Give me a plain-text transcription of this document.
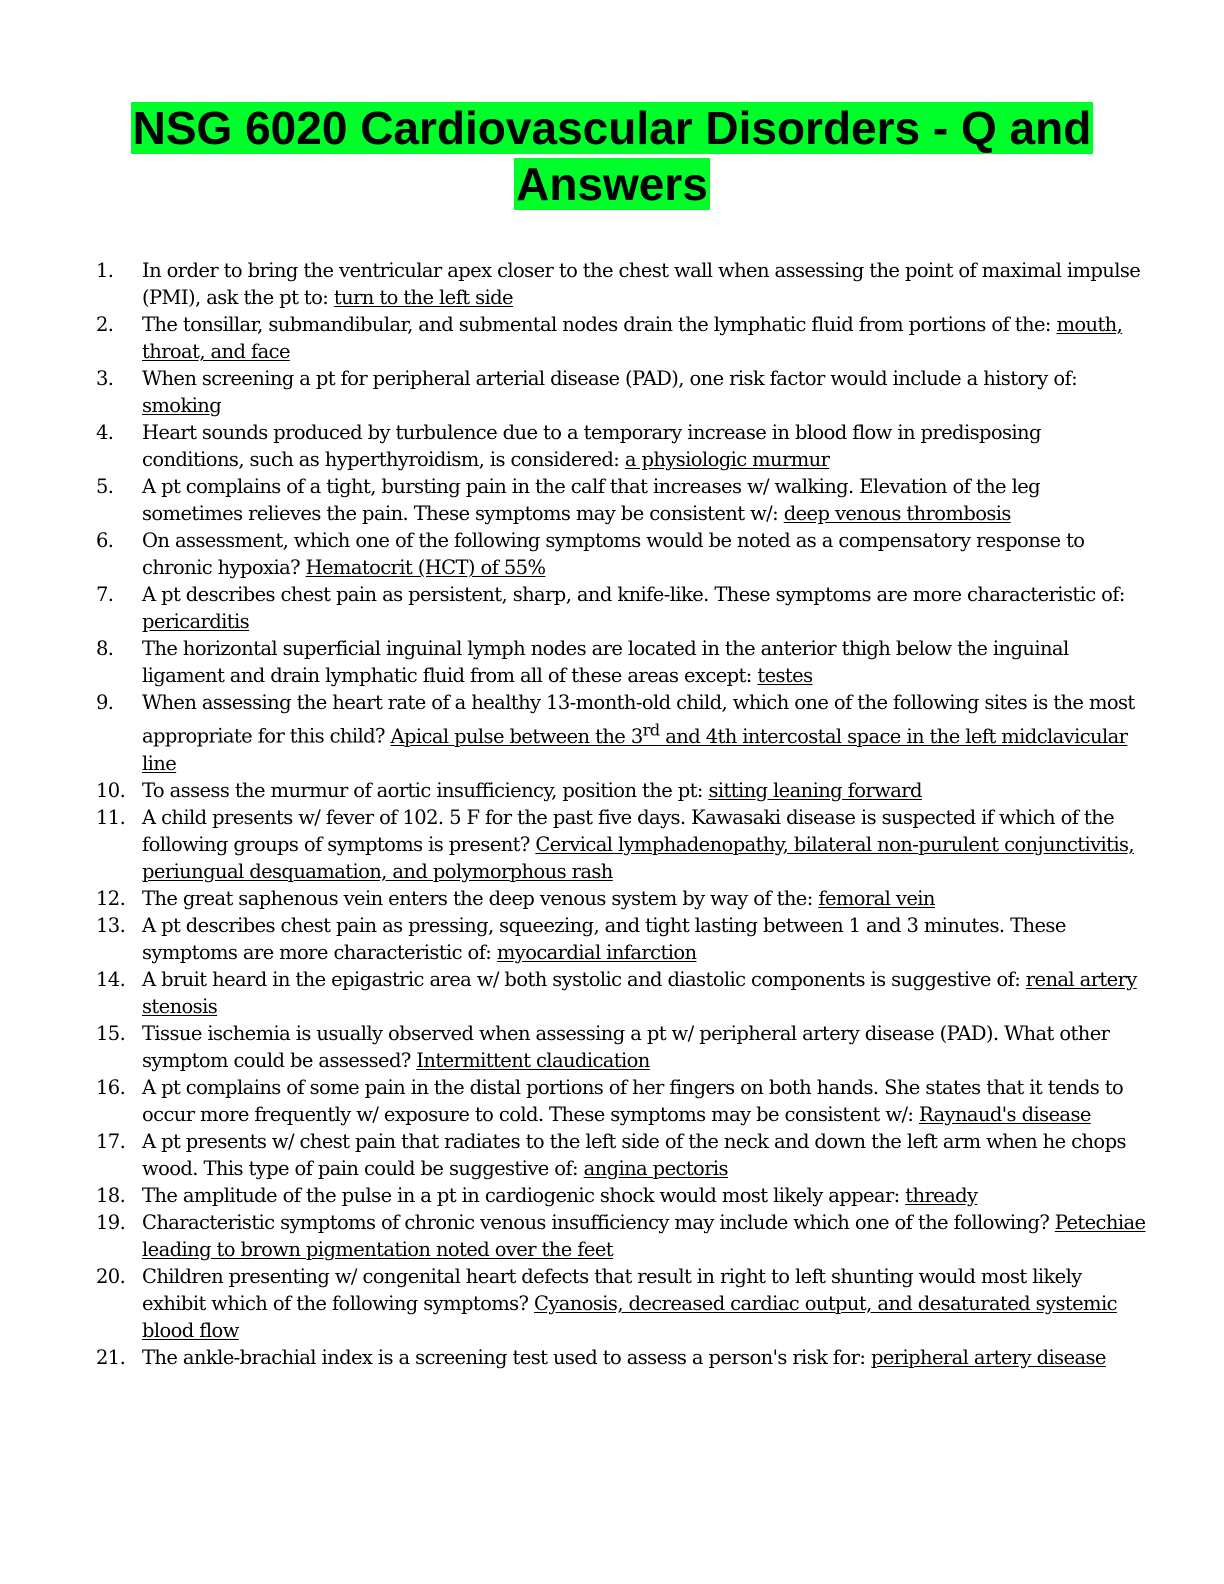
NSG 6020 Cardiovascular Disorders - Q and
Answers
1.	In order to bring the ventricular apex closer to the chest wall when assessing the point of maximal impulse (PMI), ask the pt to: turn to the left side
2.	The tonsillar, submandibular, and submental nodes drain the lymphatic fluid from portions of the: mouth, throat, and face
3.	When screening a pt for peripheral arterial disease (PAD), one risk factor would include a history of: smoking
4.	Heart sounds produced by turbulence due to a temporary increase in blood flow in predisposing conditions, such as hyperthyroidism, is considered: a physiologic murmur
5.	A pt complains of a tight, bursting pain in the calf that increases w/ walking. Elevation of the leg sometimes relieves the pain. These symptoms may be consistent w/: deep venous thrombosis
6.	On assessment, which one of the following symptoms would be noted as a compensatory response to chronic hypoxia? Hematocrit (HCT) of 55%
7.	A pt describes chest pain as persistent, sharp, and knife-like. These symptoms are more characteristic of: pericarditis
8.	The horizontal superficial inguinal lymph nodes are located in the anterior thigh below the inguinal ligament and drain lymphatic fluid from all of these areas except: testes
9.	When assessing the heart rate of a healthy 13-month-old child, which one of the following sites is the most appropriate for this child? Apical pulse between the 3rd and 4th intercostal space in the left midclavicular line
10. To assess the murmur of aortic insufficiency, position the pt: sitting leaning forward
11. A child presents w/ fever of 102. 5 F for the past five days. Kawasaki disease is suspected if which of the following groups of symptoms is present? Cervical lymphadenopathy, bilateral non-purulent conjunctivitis, periungual desquamation, and polymorphous rash
12. The great saphenous vein enters the deep venous system by way of the: femoral vein
13. A pt describes chest pain as pressing, squeezing, and tight lasting between 1 and 3 minutes. These symptoms are more characteristic of: myocardial infarction
14. A bruit heard in the epigastric area w/ both systolic and diastolic components is suggestive of: renal artery stenosis
15. Tissue ischemia is usually observed when assessing a pt w/ peripheral artery disease (PAD). What other symptom could be assessed? Intermittent claudication
16. A pt complains of some pain in the distal portions of her fingers on both hands. She states that it tends to occur more frequently w/ exposure to cold. These symptoms may be consistent w/: Raynaud's disease
17. A pt presents w/ chest pain that radiates to the left side of the neck and down the left arm when he chops wood. This type of pain could be suggestive of: angina pectoris
18. The amplitude of the pulse in a pt in cardiogenic shock would most likely appear: thready
19. Characteristic symptoms of chronic venous insufficiency may include which one of the following? Petechiae leading to brown pigmentation noted over the feet
20. Children presenting w/ congenital heart defects that result in right to left shunting would most likely exhibit which of the following symptoms? Cyanosis, decreased cardiac output, and desaturated systemic blood flow
21. The ankle-brachial index is a screening test used to assess a person's risk for: peripheral artery disease
